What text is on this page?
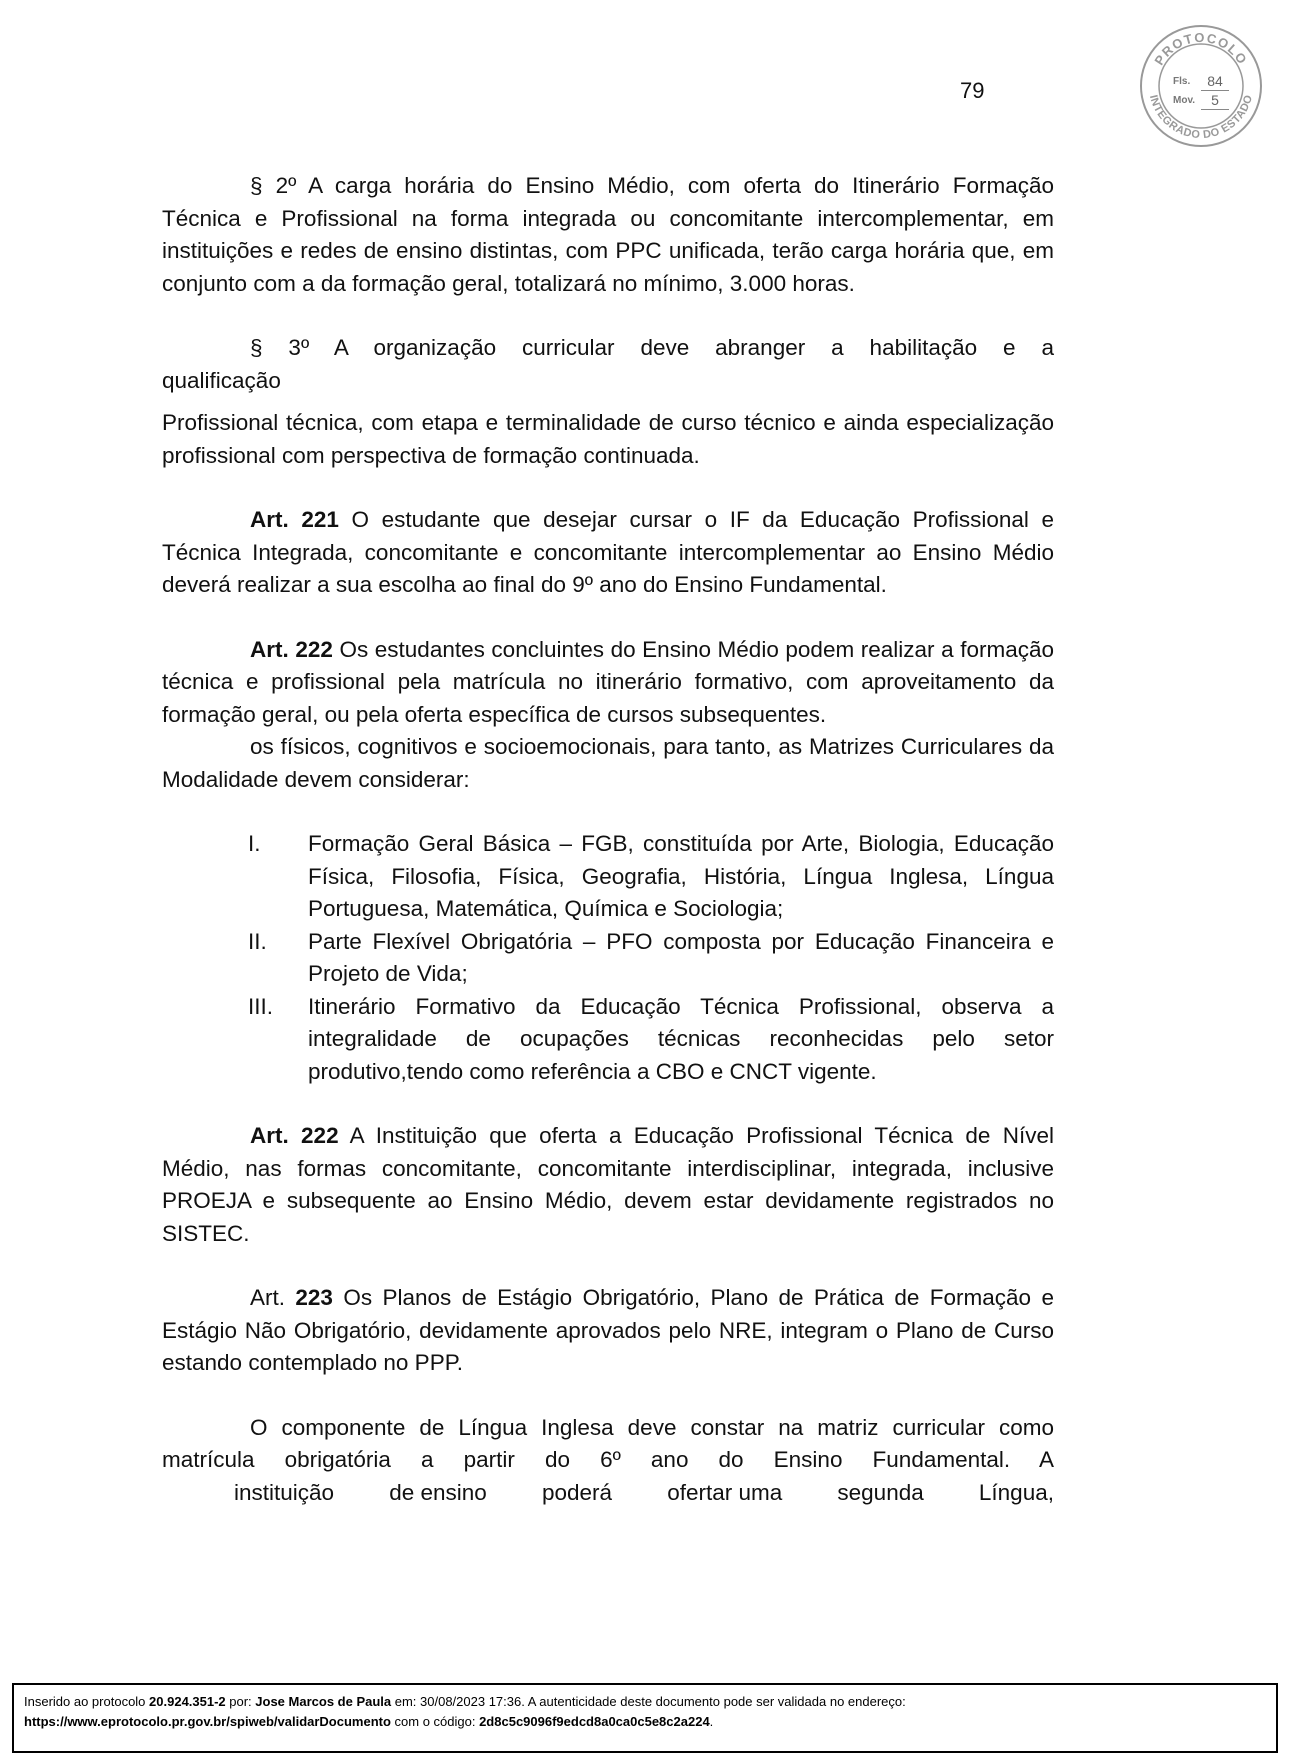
79
PROTOCOLO
INTEGRADO DO ESTADO
Fls.	84
Mov.	5

§ 2º A carga horária do Ensino Médio, com oferta do Itinerário Formação Técnica e Profissional na forma integrada ou concomitante intercomplementar, em instituições e redes de ensino distintas, com PPC unificada, terão carga horária que, em conjunto com a da formação geral, totalizará no mínimo, 3.000 horas.

§ 3º A organização curricular deve abranger a habilitação e a

qualificação

Profissional técnica, com etapa e terminalidade de curso técnico e ainda especialização profissional com perspectiva de formação continuada.

Art. 221 O estudante que desejar cursar o IF da Educação Profissional e Técnica Integrada, concomitante e concomitante intercomplementar ao Ensino Médio deverá realizar a sua escolha ao final do 9º ano do Ensino Fundamental.

Art. 222 Os estudantes concluintes do Ensino Médio podem realizar a formação técnica e profissional pela matrícula no itinerário formativo, com aproveitamento da formação geral, ou pela oferta específica de cursos subsequentes.

os físicos, cognitivos e socioemocionais, para tanto, as Matrizes Curriculares da Modalidade devem considerar:

I.	Formação Geral Básica – FGB, constituída por Arte, Biologia, Educação Física, Filosofia, Física, Geografia, História, Língua Inglesa, Língua Portuguesa, Matemática, Química e Sociologia;
II.	Parte Flexível Obrigatória – PFO composta por Educação Financeira e Projeto de Vida;
III.	Itinerário Formativo da Educação Técnica Profissional, observa a integralidade de ocupações técnicas reconhecidas pelo setor produtivo,tendo como referência a CBO e CNCT vigente.

Art. 222 A Instituição que oferta a Educação Profissional Técnica de Nível Médio, nas formas concomitante, concomitante interdisciplinar, integrada, inclusive PROEJA e subsequente ao Ensino Médio, devem estar devidamente registrados no SISTEC.

Art. 223 Os Planos de Estágio Obrigatório, Plano de Prática de Formação e Estágio Não Obrigatório, devidamente aprovados pelo NRE, integram o Plano de Curso estando contemplado no PPP.

O componente de Língua Inglesa deve constar na matriz curricular como matrícula obrigatória a partir do 6º ano do Ensino Fundamental. A

instituição de ensino poderá ofertar uma segunda Língua,
Inserido ao protocolo 20.924.351-2 por: Jose Marcos de Paula em: 30/08/2023 17:36. A autenticidade deste documento pode ser validada no endereço:
https://www.eprotocolo.pr.gov.br/spiweb/validarDocumento com o código: 2d8c5c9096f9edcd8a0ca0c5e8c2a224.
